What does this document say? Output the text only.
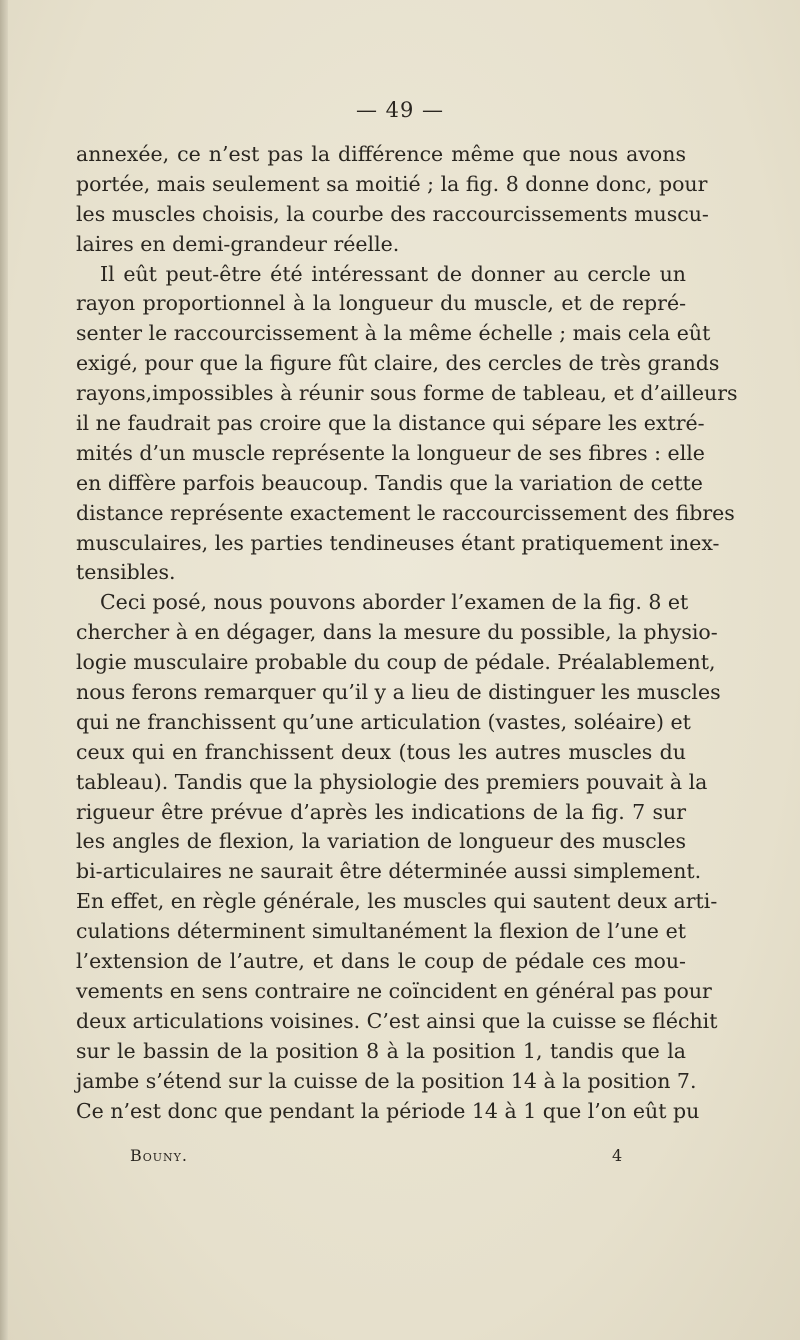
— 49 —
annexée, ce n’est pas la différence même que nous avons
portée, mais seulement sa moitié ; la fig. 8 donne donc, pour
les muscles choisis, la courbe des raccourcissements muscu-
laires en demi-grandeur réelle.
Il eût peut-être été intéressant de donner au cercle un
rayon proportionnel à la longueur du muscle, et de repré-
senter le raccourcissement à la même échelle ; mais cela eût
exigé, pour que la figure fût claire, des cercles de très grands
rayons,impossibles à réunir sous forme de tableau, et d’ailleurs
il ne faudrait pas croire que la distance qui sépare les extré-
mités d’un muscle représente la longueur de ses fibres : elle
en diffère parfois beaucoup. Tandis que la variation de cette
distance représente exactement le raccourcissement des fibres
musculaires, les parties tendineuses étant pratiquement inex-
tensibles.
Ceci posé, nous pouvons aborder l’examen de la fig. 8 et
chercher à en dégager, dans la mesure du possible, la physio-
logie musculaire probable du coup de pédale. Préalablement,
nous ferons remarquer qu’il y a lieu de distinguer les muscles
qui ne franchissent qu’une articulation (vastes, soléaire) et
ceux qui en franchissent deux (tous les autres muscles du
tableau). Tandis que la physiologie des premiers pouvait à la
rigueur être prévue d’après les indications de la fig. 7 sur
les angles de flexion, la variation de longueur des muscles
bi-articulaires ne saurait être déterminée aussi simplement.
En effet, en règle générale, les muscles qui sautent deux arti-
culations déterminent simultanément la flexion de l’une et
l’extension de l’autre, et dans le coup de pédale ces mou-
vements en sens contraire ne coïncident en général pas pour
deux articulations voisines. C’est ainsi que la cuisse se fléchit
sur le bassin de la position 8 à la position 1, tandis que la
jambe s’étend sur la cuisse de la position 14 à la position 7.
Ce n’est donc que pendant la période 14 à 1 que l’on eût pu
Bouny.	4
